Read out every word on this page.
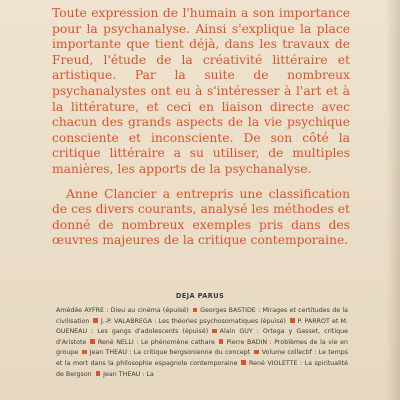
Toute expression de l'humain a son importance pour la psychanalyse. Ainsi s'explique la place importante que tient déjà, dans les travaux de Freud, l'étude de la créativité littéraire et artistique. Par la suite de nombreux psychanalystes ont eu à s'intéresser à l'art et à la littérature, et ceci en liaison directe avec chacun des grands aspects de la vie psychique consciente et inconsciente. De son côté la critique littéraire a su utiliser, de multiples manières, les apports de la psychanalyse.

Anne Clancier a entrepris une classification de ces divers courants, analysé les méthodes et donné de nombreux exemples pris dans des œuvres majeures de la critique contemporaine.

DEJA PARUS
Amédée AYFRE : Dieu au cinéma (épuisé) Georges BASTIDE : Mirages et certitudes de la civilisation J.-P. VALABREGA : Les théories psychosomatiques (épuisé) P. PARROT et M. GUENEAU : Les gangs d'adolescents (épuisé) Alain GUY : Ortega y Gasset, critique d'Aristote René NELLI : Le phénomène cathare Pierre BADIN : Problèmes de la vie en groupe Jean THEAU : La critique bergsonienne du concept Volume collectif : Le temps et la mort dans la philosophie espagnole contemporaine René VIOLETTE : La spiritualité de Bergson Jean THEAU : La
